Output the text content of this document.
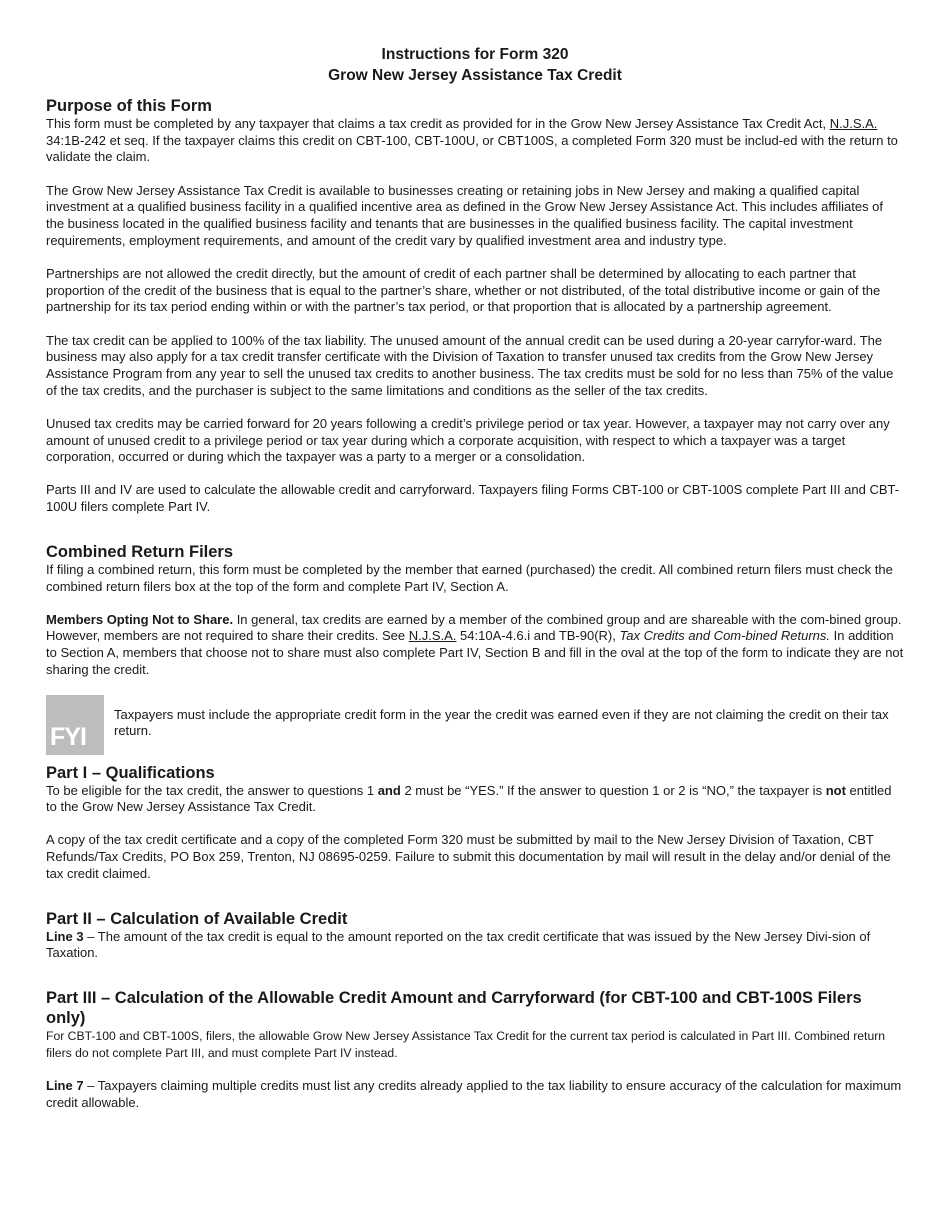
Instructions for Form 320

Grow New Jersey Assistance Tax Credit

Purpose of this Form

This form must be completed by any taxpayer that claims a tax credit as provided for in the Grow New Jersey Assistance Tax Credit Act, N.J.S.A. 34:1B-242 et seq. If the taxpayer claims this credit on CBT-100, CBT-100U, or CBT100S, a completed Form 320 must be includ-ed with the return to validate the claim.

The Grow New Jersey Assistance Tax Credit is available to businesses creating or retaining jobs in New Jersey and making a qualified capital investment at a qualified business facility in a qualified incentive area as defined in the Grow New Jersey Assistance Act. This includes affiliates of the business located in the qualified business facility and tenants that are businesses in the qualified business facility. The capital investment requirements, employment requirements, and amount of the credit vary by qualified investment area and industry type.

Partnerships are not allowed the credit directly, but the amount of credit of each partner shall be determined by allocating to each partner that proportion of the credit of the business that is equal to the partner’s share, whether or not distributed, of the total distributive income or gain of the partnership for its tax period ending within or with the partner’s tax period, or that proportion that is allocated by a partnership agreement.

The tax credit can be applied to 100% of the tax liability. The unused amount of the annual credit can be used during a 20-year carryfor-ward. The business may also apply for a tax credit transfer certificate with the Division of Taxation to transfer unused tax credits from the Grow New Jersey Assistance Program from any year to sell the unused tax credits to another business. The tax credits must be sold for no less than 75% of the value of the tax credits, and the purchaser is subject to the same limitations and conditions as the seller of the tax credits.

Unused tax credits may be carried forward for 20 years following a credit’s privilege period or tax year. However, a taxpayer may not carry over any amount of unused credit to a privilege period or tax year during which a corporate acquisition, with respect to which a taxpayer was a target corporation, occurred or during which the taxpayer was a party to a merger or a consolidation.

Parts III and IV are used to calculate the allowable credit and carryforward. Taxpayers filing Forms CBT-100 or CBT-100S complete Part III and CBT-100U filers complete Part IV.

Combined Return Filers

If filing a combined return, this form must be completed by the member that earned (purchased) the credit. All combined return filers must check the combined return filers box at the top of the form and complete Part IV, Section A.

Members Opting Not to Share. In general, tax credits are earned by a member of the combined group and are shareable with the com-bined group. However, members are not required to share their credits. See N.J.S.A. 54:10A-4.6.i and TB-90(R), Tax Credits and Com-bined Returns. In addition to Section A, members that choose not to share must also complete Part IV, Section B and fill in the oval at the top of the form to indicate they are not sharing the credit.

FYI

Taxpayers must include the appropriate credit form in the year the credit was earned even if they are not claiming the credit on their tax return.

Part I – Qualifications

To be eligible for the tax credit, the answer to questions 1 and 2 must be “YES.” If the answer to question 1 or 2 is “NO,” the taxpayer is not entitled to the Grow New Jersey Assistance Tax Credit.

A copy of the tax credit certificate and a copy of the completed Form 320 must be submitted by mail to the New Jersey Division of Taxation, CBT Refunds/Tax Credits, PO Box 259, Trenton, NJ 08695-0259. Failure to submit this documentation by mail will result in the delay and/or denial of the tax credit claimed.

Part II – Calculation of Available Credit

Line 3 – The amount of the tax credit is equal to the amount reported on the tax credit certificate that was issued by the New Jersey Divi-sion of Taxation.

Part III – Calculation of the Allowable Credit Amount and Carryforward (for CBT-100 and CBT-100S Filers only)

For CBT-100 and CBT-100S, filers, the allowable Grow New Jersey Assistance Tax Credit for the current tax period is calculated in Part III. Combined return filers do not complete Part III, and must complete Part IV instead.

Line 7 – Taxpayers claiming multiple credits must list any credits already applied to the tax liability to ensure accuracy of the calculation for maximum credit allowable.
